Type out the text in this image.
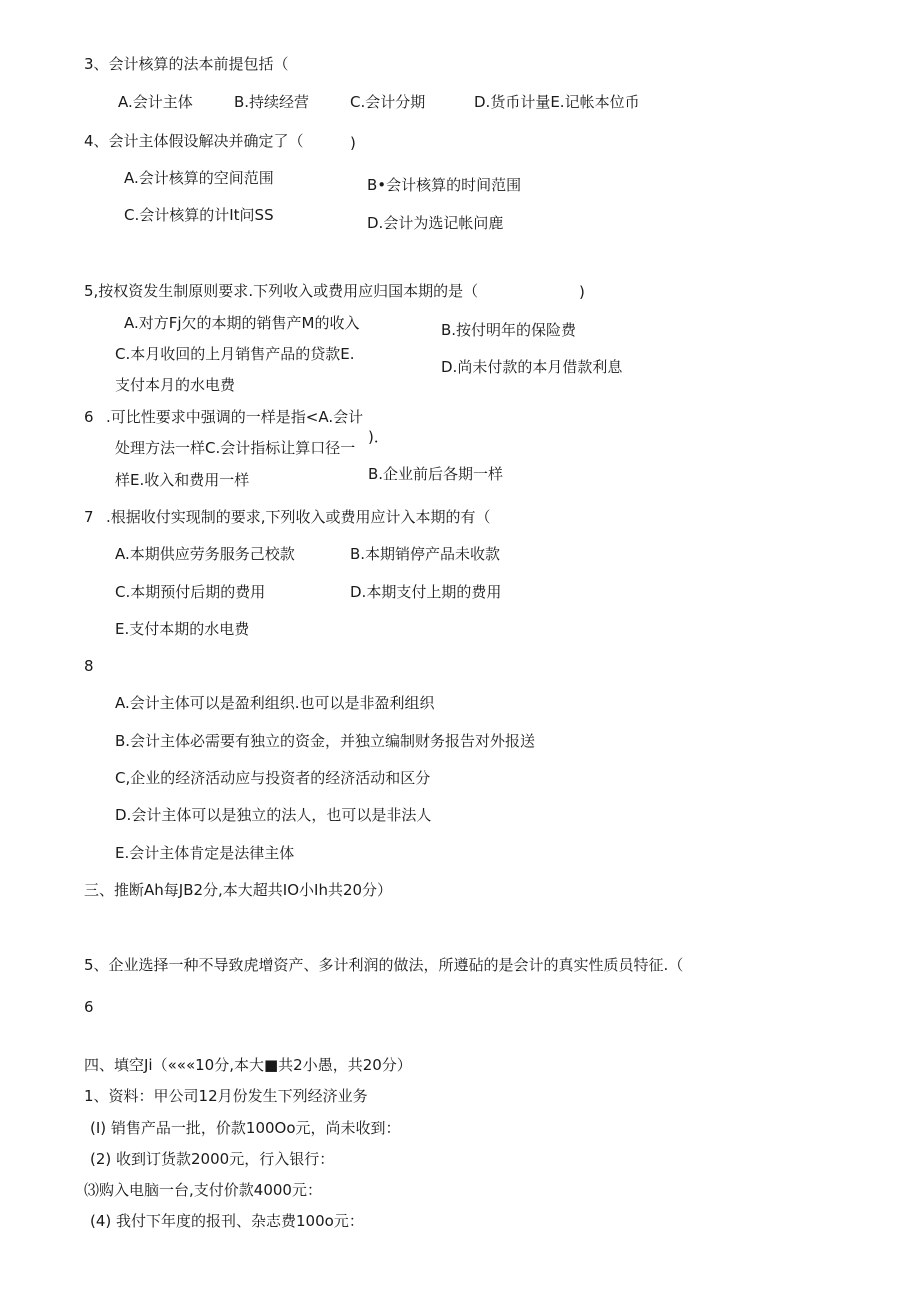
3、会计核算的法本前提包括（
A.会计主体	B.持续经营	C.会计分期	D.货币计量E.记帐本位币
4、会计主体假设解决并确定了（	)
A.会计核算的空间范围	B•会计核算的时间范围
C.会计核算的计It问SS	D.会计为选记帐问鹿
5,按权资发生制原则要求.下列收入或费用应归国本期的是（	)
A.对方Fj欠的本期的销售产M的收入	B.按付明年的保险费
C.本月收回的上月销售产品的贷款E.
支付本月的水电费
D.尚未付款的本月借款利息
6 .可比性要求中强调的一样是指<A.会计
处理方法一样C.会计指标让算口径一
)．
样E.收入和费用一样	B.企业前后各期一样
7 .根据收付实现制的要求,下列收入或费用应计入本期的有（
A.本期供应劳务服务己校款	B.本期销停产品未收款
C.本期预付后期的费用	D.本期支付上期的费用
E.支付本期的水电费
8
A.会计主体可以是盈利组织.也可以是非盈利组织
B.会计主体必需要有独立的资金，并独立编制财务报告对外报送
C,企业的经济活动应与投资者的经济活动和区分
D.会计主体可以是独立的法人，也可以是非法人
E.会计主体肯定是法律主体
三、推断Ah每JB2分,本大超共IO小Ih共20分）
5、企业选择一种不导致虎增资产、多计利润的做法，所遵砧的是会计的真实性质员特征.（
6
四、填空Ji（«««10分,本大■共2小愚，共20分）
1、资料：甲公司12月份发生下列经济业务
(I) 销售产品一批，价款100Oo元，尚未收到：
(2) 收到订货款2000元，行入银行：
⑶购入电脑一台,支付价款4000元：
(4) 我付下年度的报刊、杂志费100o元：
